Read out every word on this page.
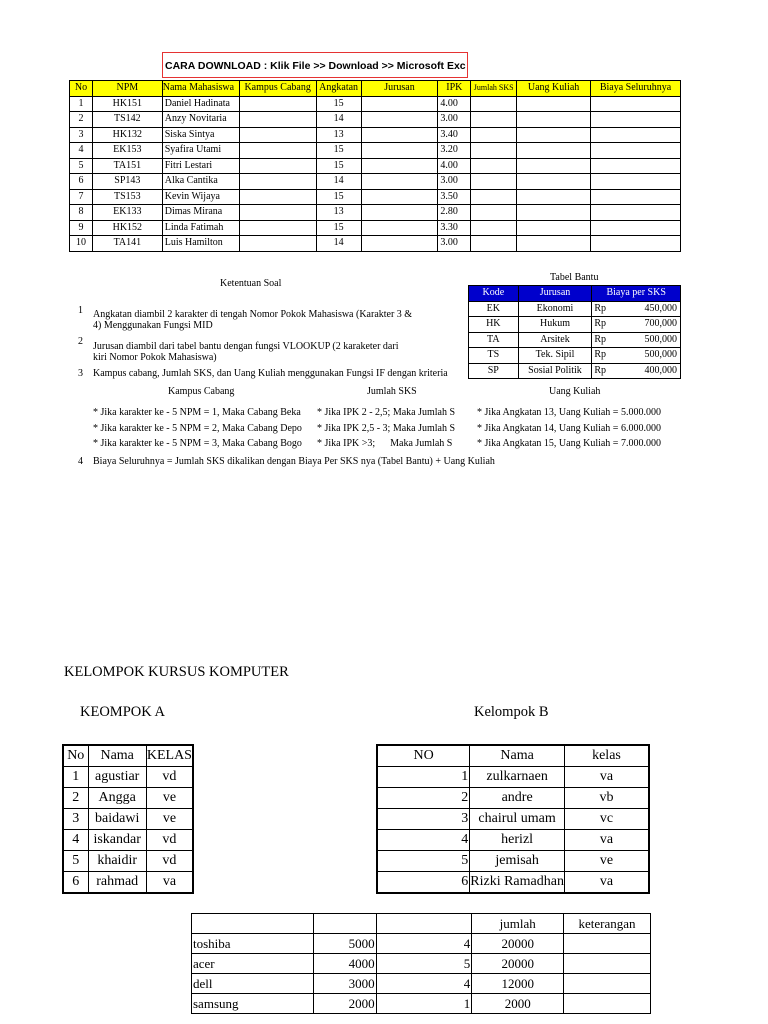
CARA DOWNLOAD : Klik File >> Download >> Microsoft Exc
No	NPM	Nama Mahasiswa	Kampus Cabang	Angkatan	Jurusan	IPK	Jumlah SKS	Uang Kuliah	Biaya Seluruhnya
1	HK151	Daniel Hadinata		15		4.00			
2	TS142	Anzy Novitaria		14		3.00			
3	HK132	Siska Sintya		13		3.40			
4	EK153	Syafira Utami		15		3.20			
5	TA151	Fitri Lestari		15		4.00			
6	SP143	Alka Cantika		14		3.00			
7	TS153	Kevin Wijaya		15		3.50			
8	EK133	Dimas Mirana		13		2.80			
9	HK152	Linda Fatimah		15		3.30			
10	TA141	Luis Hamilton		14		3.00			
Ketentuan Soal
1 Angkatan diambil 2 karakter di tengah Nomor Pokok Mahasiswa (Karakter 3 &
4) Menggunakan Fungsi MID
2 Jurusan diambil dari tabel bantu dengan fungsi VLOOKUP (2 karaketer dari
kiri Nomor Pokok Mahasiswa)
3 Kampus cabang, Jumlah SKS, dan Uang Kuliah menggunakan Fungsi IF dengan kriteria
Kampus Cabang	Jumlah SKS	Uang Kuliah
* Jika karakter ke - 5 NPM = 1, Maka Cabang Beka
* Jika karakter ke - 5 NPM = 2, Maka Cabang Depo
* Jika karakter ke - 5 NPM = 3, Maka Cabang Bogo
* Jika IPK 2 - 2,5; Maka Jumlah S
* Jika IPK 2,5 - 3; Maka Jumlah S
* Jika IPK >3;      Maka Jumlah S
* Jika Angkatan 13, Uang Kuliah = 5.000.000
* Jika Angkatan 14, Uang Kuliah = 6.000.000
* Jika Angkatan 15, Uang Kuliah = 7.000.000
4 Biaya Seluruhnya = Jumlah SKS dikalikan dengan Biaya Per SKS nya (Tabel Bantu) + Uang Kuliah
Tabel Bantu
Kode	Jurusan	Biaya per SKS	
EK	Ekonomi	Rp	450,000
HK	Hukum	Rp	700,000
TA	Arsitek	Rp	500,000
TS	Tek. Sipil	Rp	500,000
SP	Sosial Politik	Rp	400,000
KELOMPOK KURSUS KOMPUTER
KEOMPOK A	Kelompok B
No	Nama	KELAS
1	agustiar	vd
2	Angga	ve
3	baidawi	ve
4	iskandar	vd
5	khaidir	vd
6	rahmad	va
NO	Nama	kelas
1	zulkarnaen	va
2	andre	vb
3	chairul umam	vc
4	herizl	va
5	jemisah	ve
6	Rizki Ramadhan	va
			jumlah	keterangan
toshiba	5000	4	20000	
acer	4000	5	20000	
dell	3000	4	12000	
samsung	2000	1	2000	
